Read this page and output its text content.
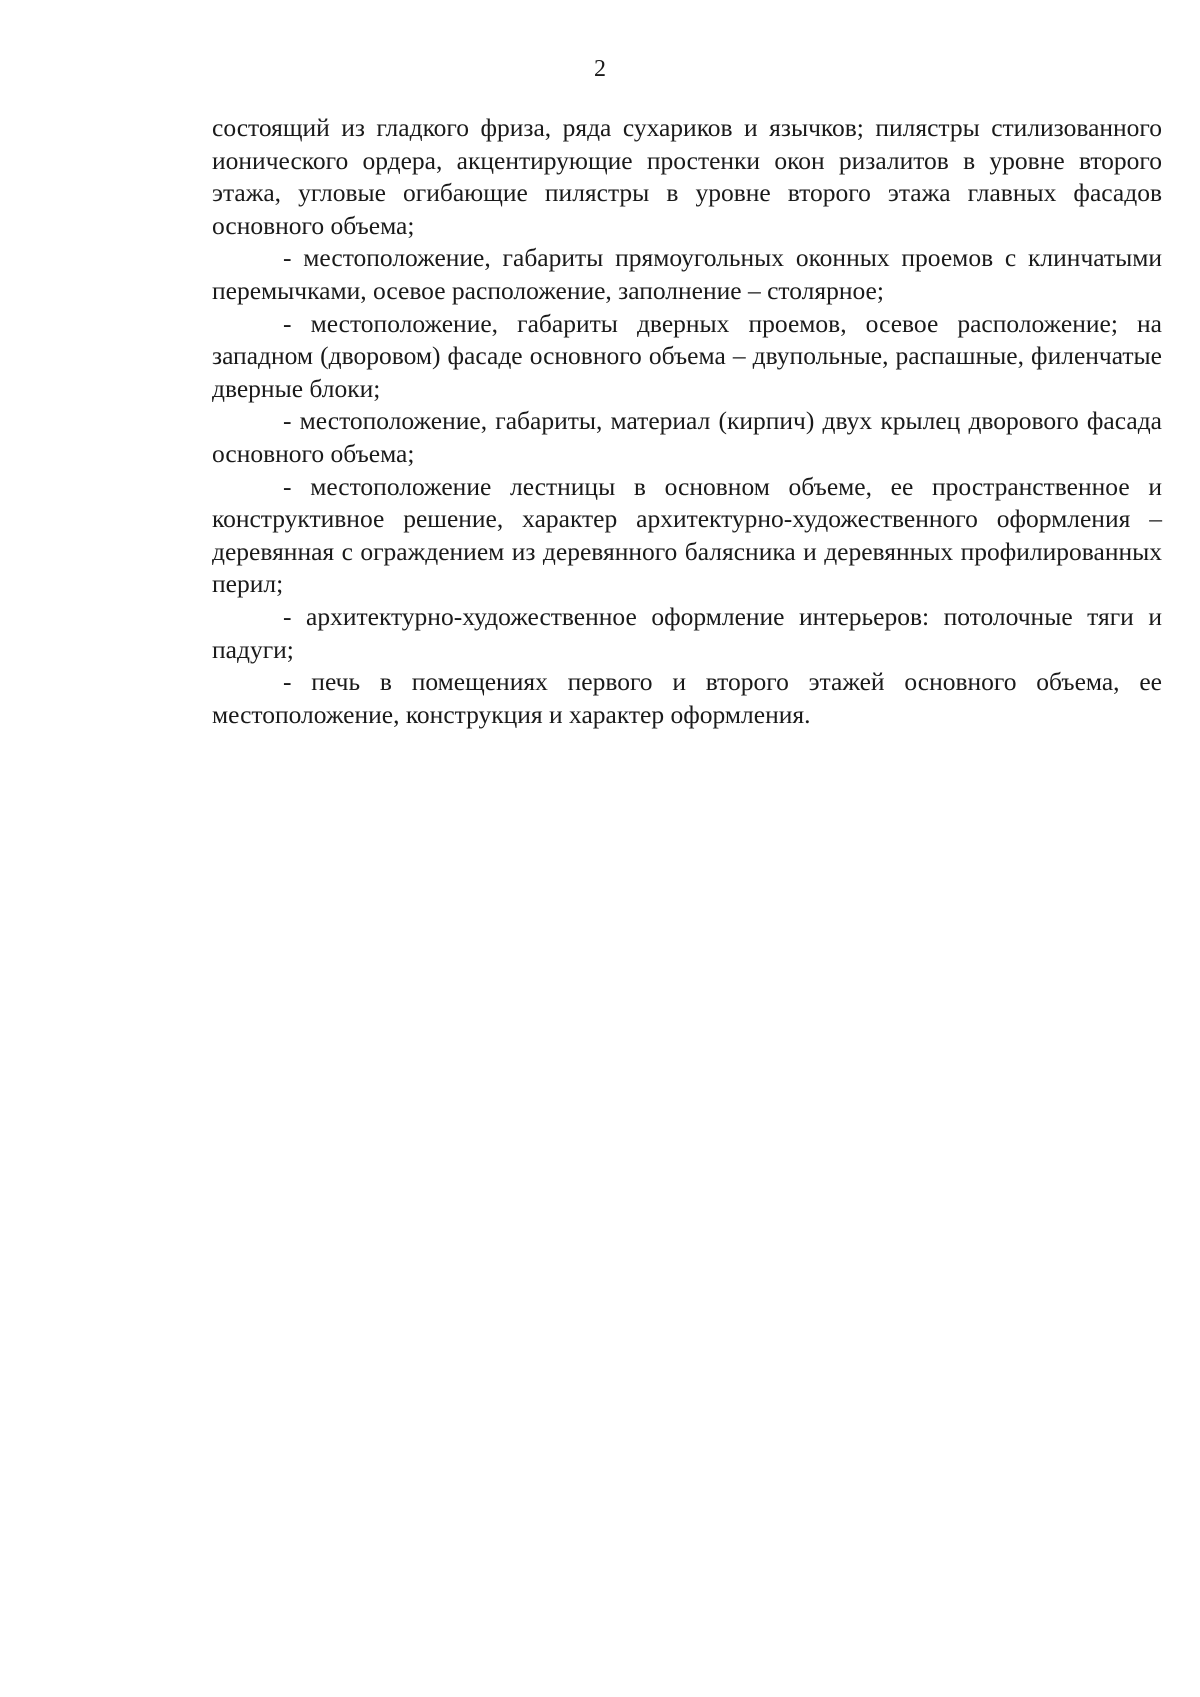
2

состоящий из гладкого фриза, ряда сухариков и язычков; пилястры стилизованного ионического ордера, акцентирующие простенки окон ризалитов в уровне второго этажа, угловые огибающие пилястры в уровне второго этажа главных фасадов основного объема;

- местоположение, габариты прямоугольных оконных проемов с клинчатыми перемычками, осевое расположение, заполнение – столярное;

- местоположение, габариты дверных проемов, осевое расположение; на западном (дворовом) фасаде основного объема – двупольные, распашные, филенчатые дверные блоки;

- местоположение, габариты, материал (кирпич) двух крылец дворового фасада основного объема;

- местоположение лестницы в основном объеме, ее пространственное и конструктивное решение, характер архитектурно-художественного оформления – деревянная с ограждением из деревянного балясника и деревянных профилированных перил;

- архитектурно-художественное оформление интерьеров: потолочные тяги и падуги;

- печь в помещениях первого и второго этажей основного объема, ее местоположение, конструкция и характер оформления.
